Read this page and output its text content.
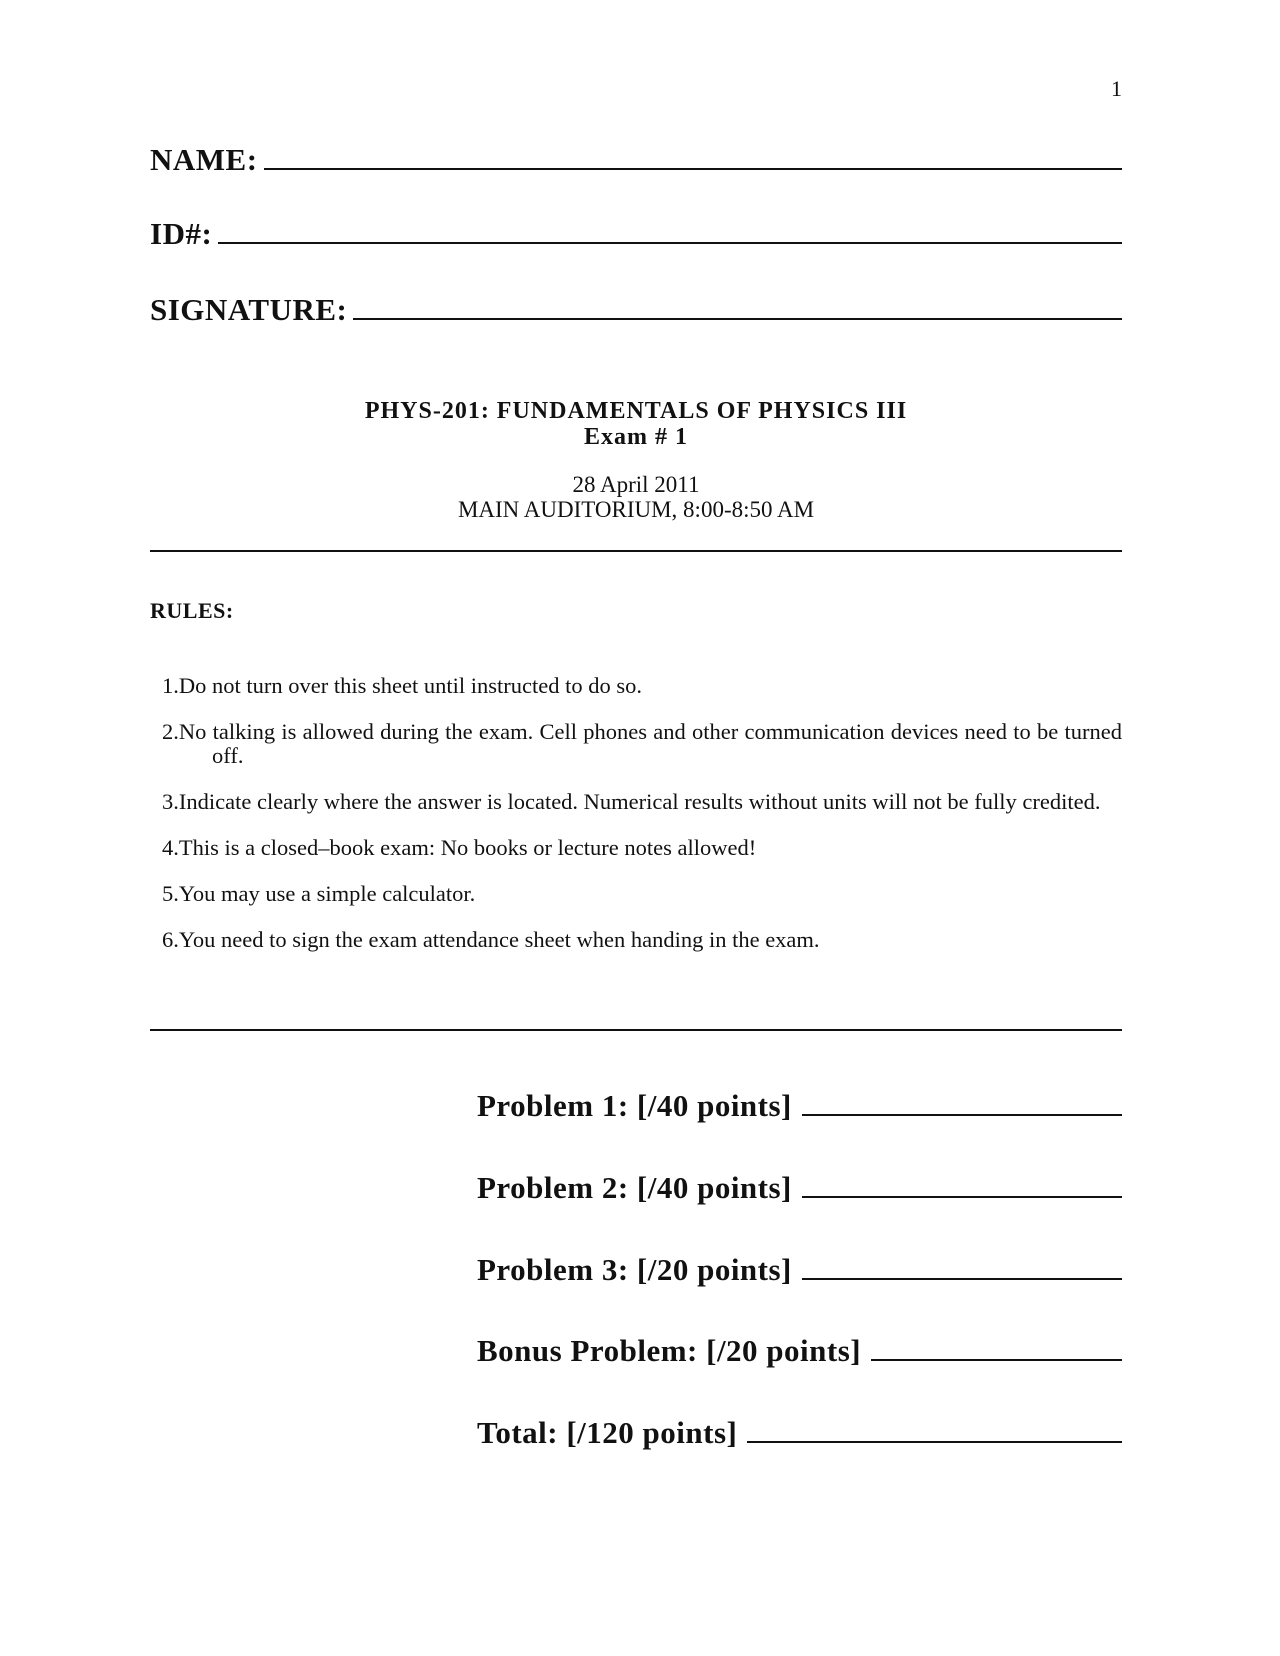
1
NAME:
ID#:
SIGNATURE:
PHYS-201: FUNDAMENTALS OF PHYSICS III
Exam # 1
28 April 2011
MAIN AUDITORIUM, 8:00-8:50 AM
RULES:
1.Do not turn over this sheet until instructed to do so.
2.No talking is allowed during the exam. Cell phones and other communication devices need to be turned off.
3.Indicate clearly where the answer is located. Numerical results without units will not be fully credited.
4.This is a closed–book exam: No books or lecture notes allowed!
5.You may use a simple calculator.
6.You need to sign the exam attendance sheet when handing in the exam.
Problem 1: [/40 points]
Problem 2: [/40 points]
Problem 3: [/20 points]
Bonus Problem: [/20 points]
Total: [/120 points]
